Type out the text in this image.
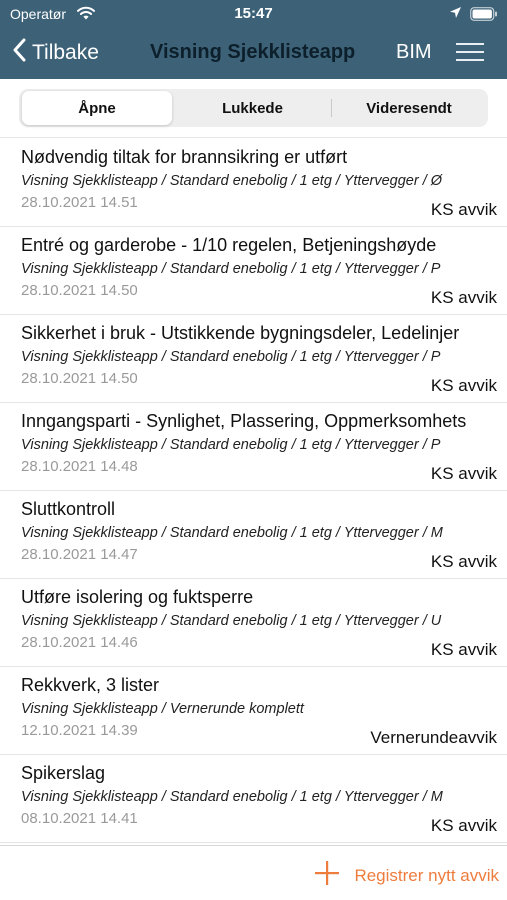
Operatør	15:47
Tilbake	Visning Sjekklisteapp BIM
Åpne	Lukkede	Videresendt
Nødvendig tiltak for brannsikring er utført
Visning Sjekklisteapp / Standard enebolig / 1 etg / Yttervegger / Ø
28.10.2021 14.51	KS avvik
Entré og garderobe - 1/10 regelen, Betjeningshøyde
Visning Sjekklisteapp / Standard enebolig / 1 etg / Yttervegger / P
28.10.2021 14.50	KS avvik
Sikkerhet i bruk - Utstikkende bygningsdeler, Ledelinjer
Visning Sjekklisteapp / Standard enebolig / 1 etg / Yttervegger / P
28.10.2021 14.50	KS avvik
Inngangsparti - Synlighet, Plassering, Oppmerksomhets
Visning Sjekklisteapp / Standard enebolig / 1 etg / Yttervegger / P
28.10.2021 14.48	KS avvik
Sluttkontroll
Visning Sjekklisteapp / Standard enebolig / 1 etg / Yttervegger / M
28.10.2021 14.47	KS avvik
Utføre isolering og fuktsperre
Visning Sjekklisteapp / Standard enebolig / 1 etg / Yttervegger / U
28.10.2021 14.46	KS avvik
Rekkverk, 3 lister
Visning Sjekklisteapp / Vernerunde komplett
12.10.2021 14.39	Vernerundeavvik
Spikerslag
Visning Sjekklisteapp / Standard enebolig / 1 etg / Yttervegger / M
08.10.2021 14.41	KS avvik
Registrer nytt avvik
